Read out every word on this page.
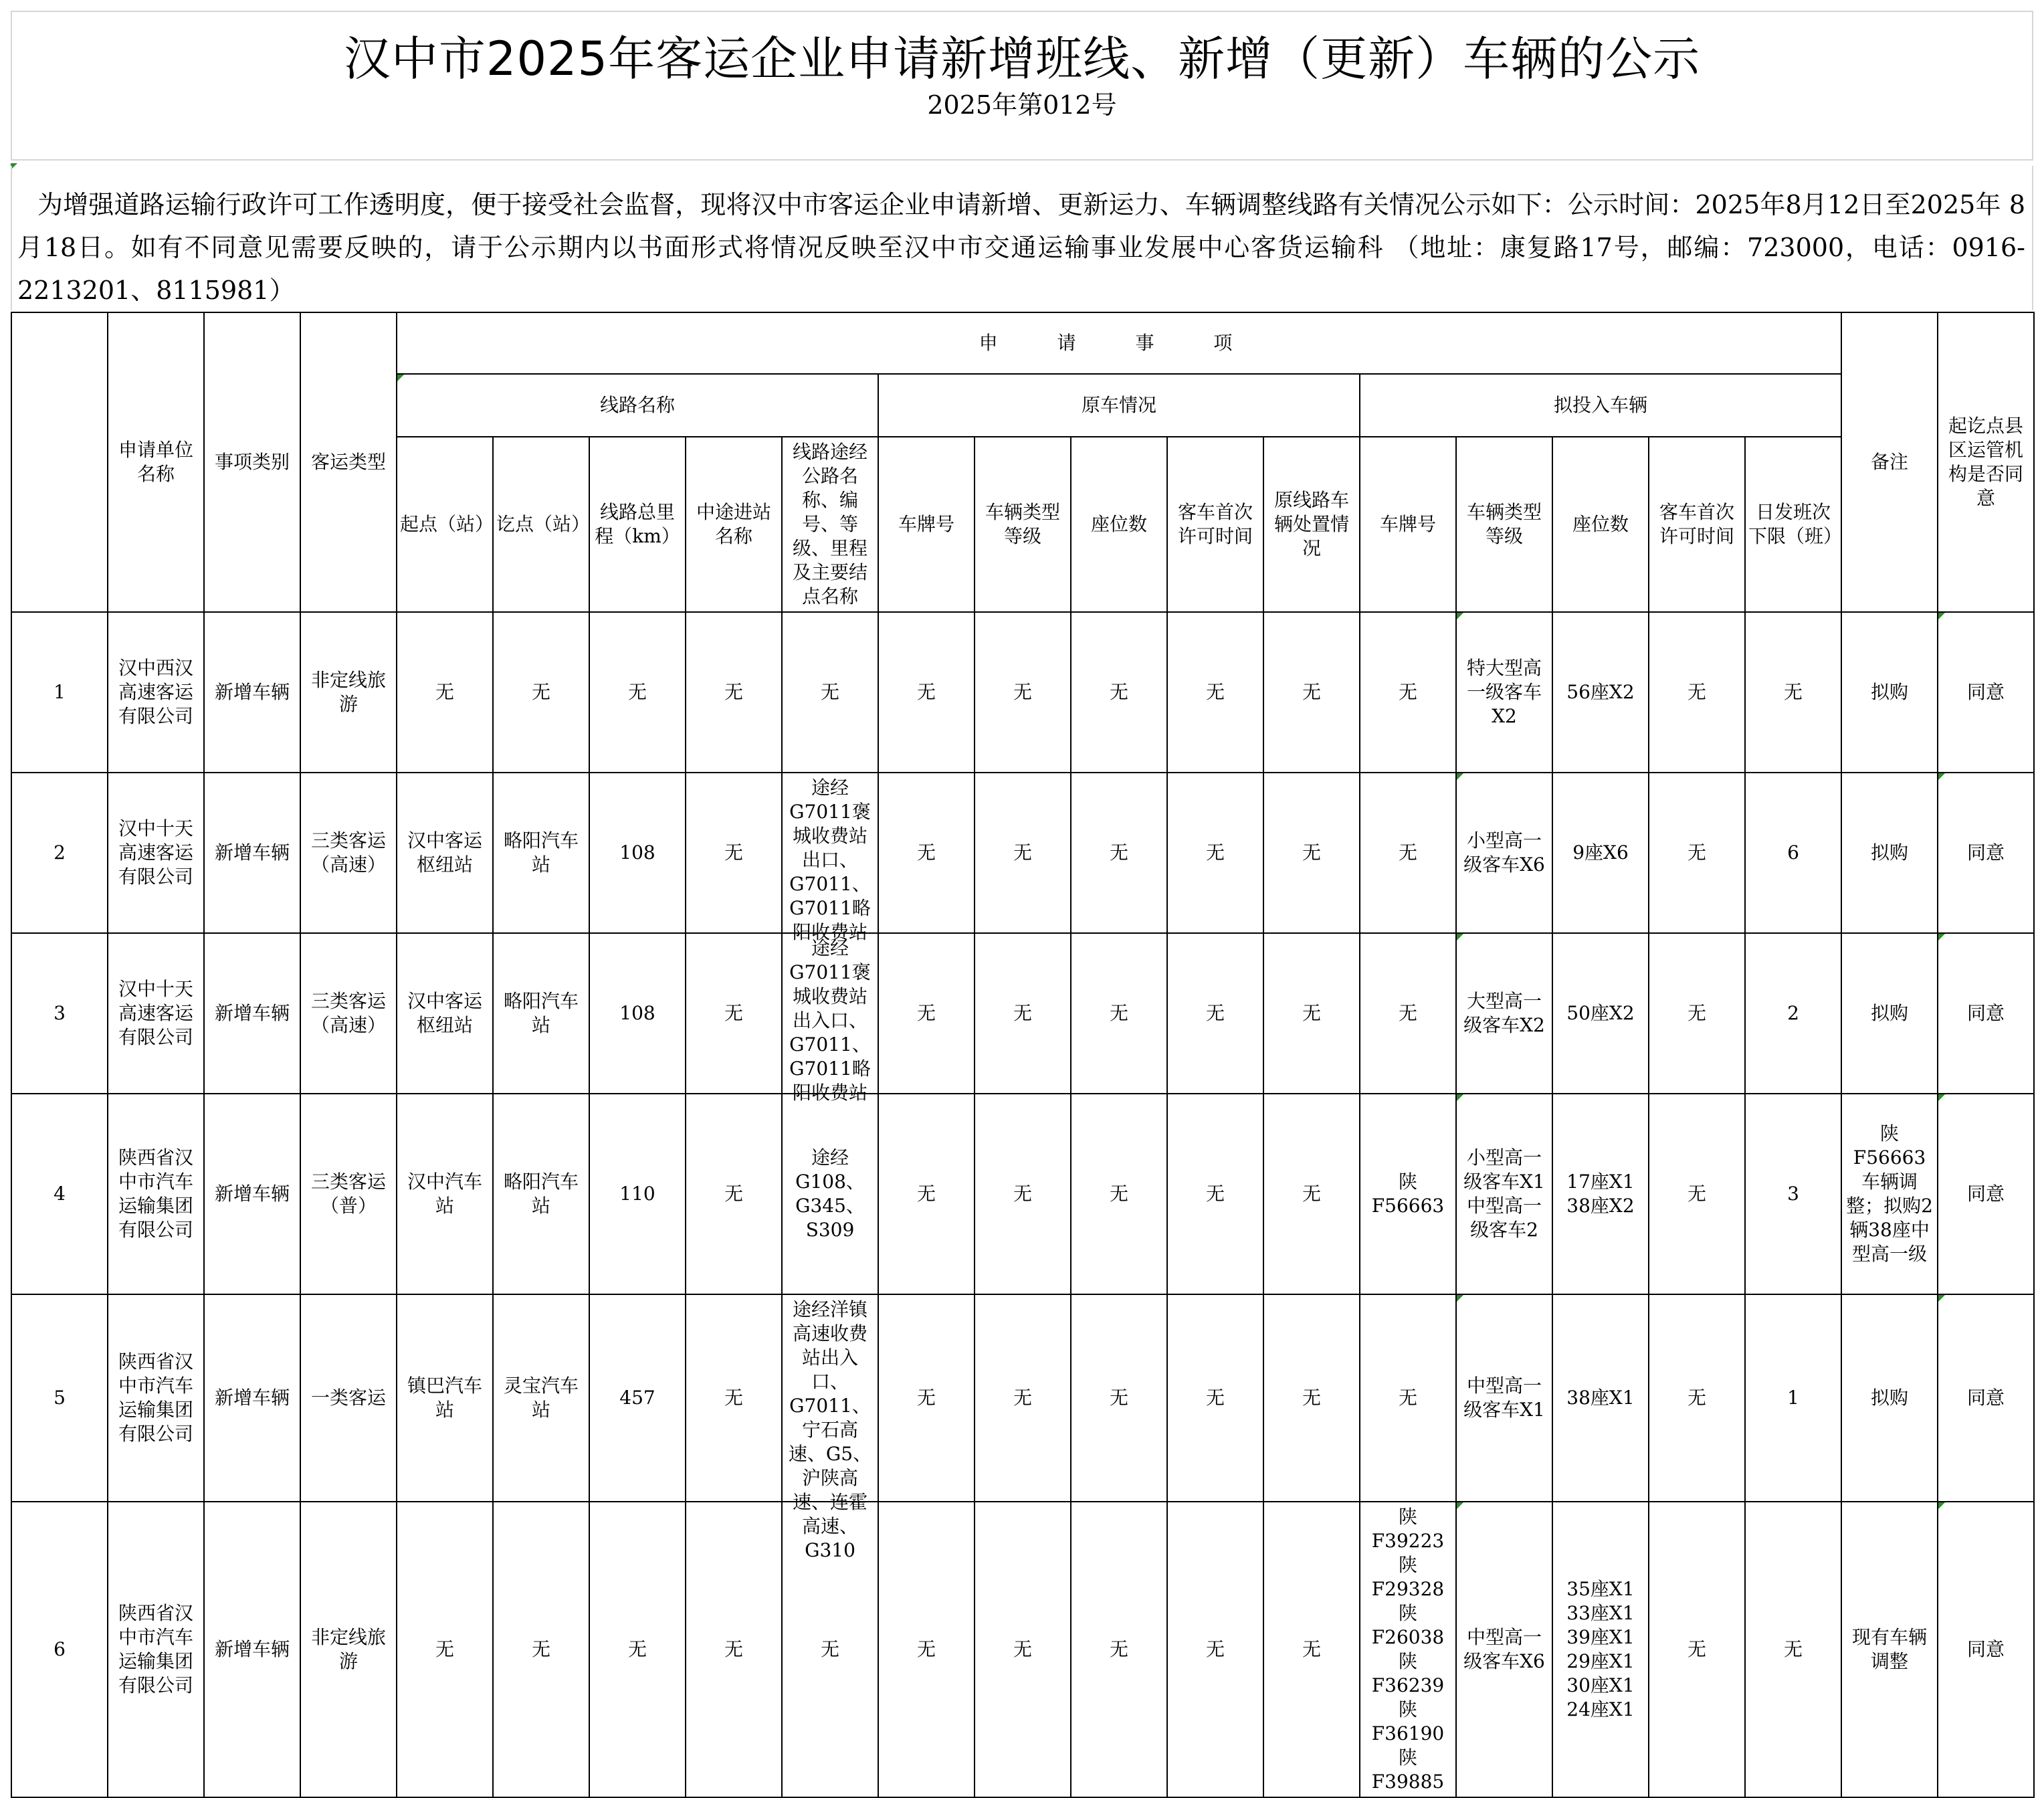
汉中市2025年客运企业申请新增班线、新增（更新）车辆的公示
2025年第012号
为增强道路运输行政许可工作透明度，便于接受社会监督，现将汉中市客运企业申请新增、更新运力、车辆调整线路有关情况公示如下：公示时间：2025年8月12日至2025年 8月18日。如有不同意见需要反映的，请于公示期内以书面形式将情况反映至汉中市交通运输事业发展中心客货运输科 （地址：康复路17号，邮编：723000，电话：0916-2213201、8115981）
	申请单位名称	事项类别	客运类型	申 请 事 项															备注	起讫点县区运管机构是否同意

线路名称					原车情况					拟投入车辆						
				起点（站）	讫点（站）	线路总里程（km）	中途进站名称	线路途经公路名称、编号、等级、里程及主要结点名称	车牌号	车辆类型等级	座位数	客车首次许可时间	原线路车辆处置情况	车牌号	车辆类型等级	座位数	客车首次许可时间	日发班次下限（班）		
1	汉中西汉高速客运有限公司	新增车辆	非定线旅游	无	无	无	无	无	无	无	无	无	无	无	特大型高一级客车X2	56座X2	无	无	拟购	同意
2	汉中十天高速客运有限公司	新增车辆	三类客运（高速）	汉中客运枢纽站	略阳汽车站	108	无	途经G7011褒城收费站出口、G7011、G7011略阳收费站	无	无	无	无	无	无	小型高一级客车X6	9座X6	无	6	拟购	同意
3	汉中十天高速客运有限公司	新增车辆	三类客运（高速）	汉中客运枢纽站	略阳汽车站	108	无	途经G7011褒城收费站出入口、G7011、G7011略阳收费站	无	无	无	无	无	无	大型高一级客车X2	50座X2	无	2	拟购	同意
4	陕西省汉中市汽车运输集团有限公司	新增车辆	三类客运（普）	汉中汽车站	略阳汽车站	110	无	途经G108、G345、S309	无	无	无	无	无	陕F56663	小型高一级客车X1中型高一级客车2	17座X1 38座X2	无	3	陕F56663车辆调整；拟购2辆38座中型高一级	同意
5	陕西省汉中市汽车运输集团有限公司	新增车辆	一类客运	镇巴汽车站	灵宝汽车站	457	无	途经洋镇高速收费站出入口、G7011、宁石高速、G5、沪陕高速、连霍高速、G310	无	无	无	无	无	无	中型高一级客车X1	38座X1	无	1	拟购	同意
6	陕西省汉中市汽车运输集团有限公司	新增车辆	非定线旅游	无	无	无	无	无	无	无	无	无	无	陕F39223 陕F29328 陕F26038 陕F36239 陕F36190 陕F39885	中型高一级客车X6	35座X1 33座X1 39座X1 29座X1 30座X1 24座X1	无	无	现有车辆调整	同意
